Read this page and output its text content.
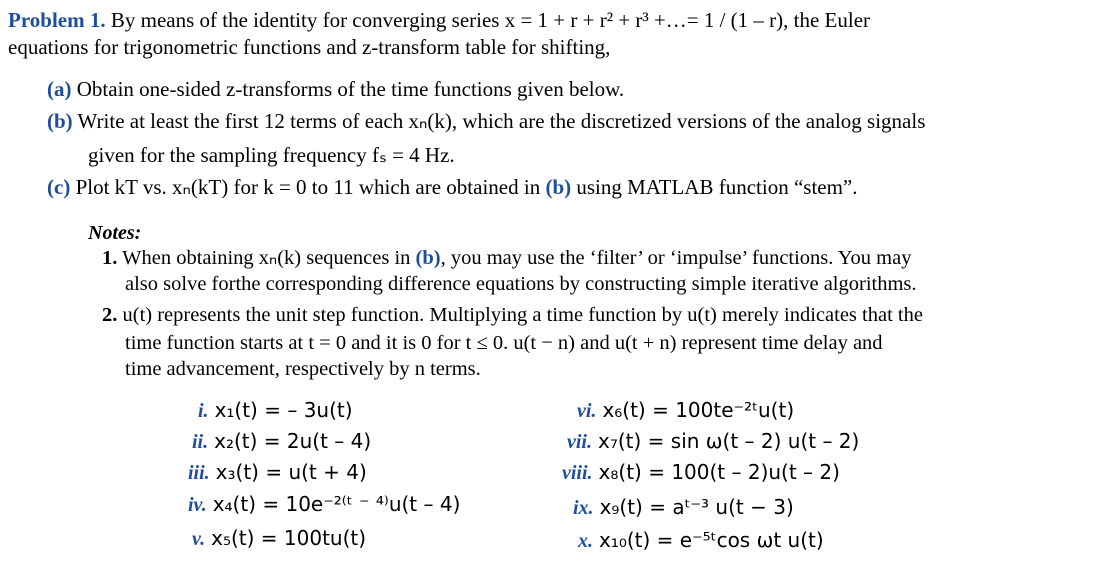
Problem 1. By means of the identity for converging series x = 1 + r + r² + r³ +…= 1 / (1 – r), the Euler
equations for trigonometric functions and z-transform table for shifting,
(a) Obtain one-sided z-transforms of the time functions given below.
(b) Write at least the first 12 terms of each xₙ(k), which are the discretized versions of the analog signals
given for the sampling frequency fₛ = 4 Hz.
(c) Plot kT vs. xₙ(kT) for k = 0 to 11 which are obtained in (b) using MATLAB function “stem”.
Notes:
1. When obtaining xₙ(k) sequences in (b), you may use the ‘filter’ or ‘impulse’ functions. You may
also solve forthe corresponding difference equations by constructing simple iterative algorithms.
2. u(t) represents the unit step function. Multiplying a time function by u(t) merely indicates that the
time function starts at t = 0 and it is 0 for t ≤ 0. u(t − n) and u(t + n) represent time delay and
time advancement, respectively by n terms.
i. x₁(t) = – 3u(t)
ii. x₂(t) = 2u(t – 4)
iii. x₃(t) = u(t + 4)
iv. x₄(t) = 10e⁻²⁽ᵗ ⁻ ⁴⁾u(t – 4)
v. x₅(t) = 100tu(t)
vi. x₆(t) = 100te⁻²ᵗu(t)
vii. x₇(t) = sin ω(t – 2) u(t – 2)
viii. x₈(t) = 100(t – 2)u(t – 2)
ix. x₉(t) = aᵗ⁻³ u(t − 3)
x. x₁₀(t) = e⁻⁵ᵗcos ωt u(t)
